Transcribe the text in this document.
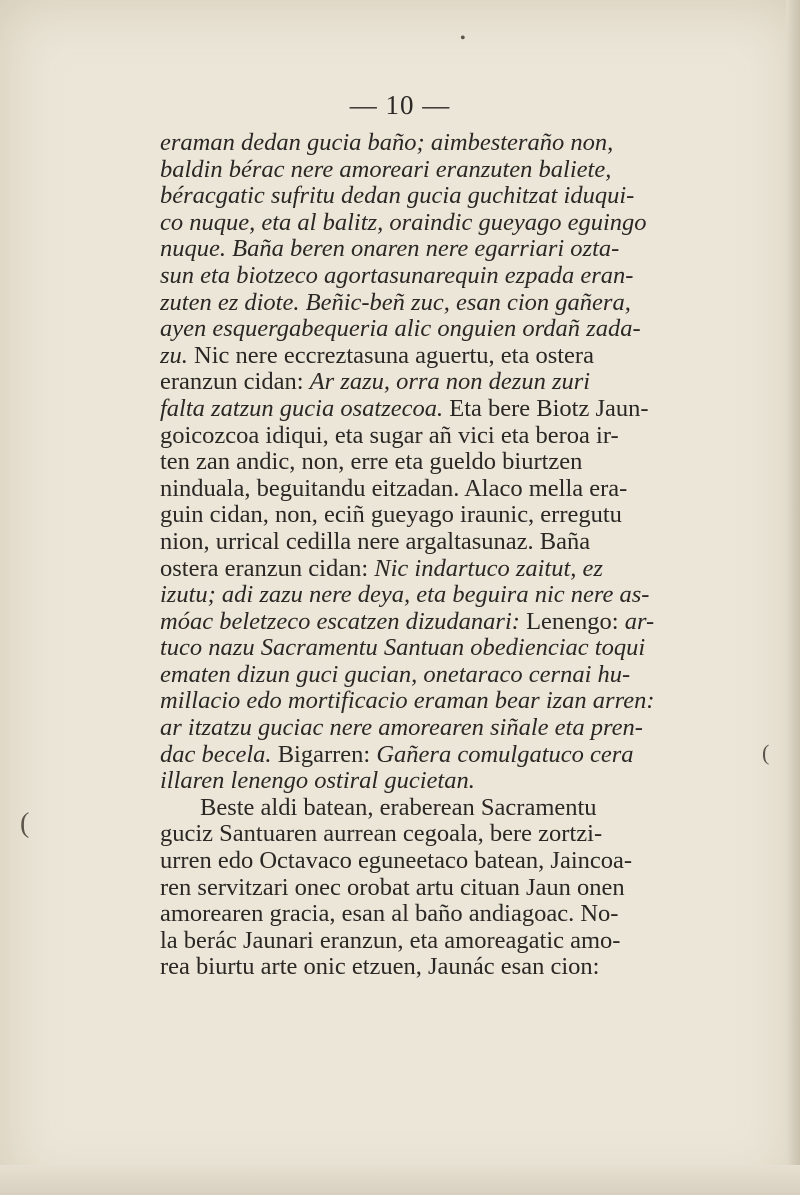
•
(
(
— 10 —
eraman dedan gucia baño; aimbesteraño non,
baldin bérac nere amoreari eranzuten baliete,
béracgatic sufritu dedan gucia guchitzat iduqui-
co nuque, eta al balitz, oraindic gueyago eguingo
nuque. Baña beren onaren nere egarriari ozta-
sun eta biotzeco agortasunarequin ezpada eran-
zuten ez diote. Beñic-beñ zuc, esan cion gañera,
ayen esquergabequeria alic onguien ordañ zada-
zu. Nic nere eccreztasuna aguertu, eta ostera
eranzun cidan: Ar zazu, orra non dezun zuri
falta zatzun gucia osatzecoa. Eta bere Biotz Jaun-
goicozcoa idiqui, eta sugar añ vici eta beroa ir-
ten zan andic, non, erre eta gueldo biurtzen
ninduala, beguitandu eitzadan. Alaco mella era-
guin cidan, non, eciñ gueyago iraunic, erregutu
nion, urrical cedilla nere argaltasunaz. Baña
ostera eranzun cidan: Nic indartuco zaitut, ez
izutu; adi zazu nere deya, eta beguira nic nere as-
móac beletzeco escatzen dizudanari: Lenengo: ar-
tuco nazu Sacramentu Santuan obedienciac toqui
ematen dizun guci gucian, onetaraco cernai hu-
millacio edo mortificacio eraman bear izan arren:
ar itzatzu guciac nere amorearen siñale eta pren-
dac becela. Bigarren: Gañera comulgatuco cera
illaren lenengo ostiral gucietan.
Beste aldi batean, eraberean Sacramentu
guciz Santuaren aurrean cegoala, bere zortzi-
urren edo Octavaco eguneetaco batean, Jaincoa-
ren servitzari onec orobat artu cituan Jaun onen
amorearen gracia, esan al baño andiagoac. No-
la berác Jaunari eranzun, eta amoreagatic amo-
rea biurtu arte onic etzuen, Jaunác esan cion:
